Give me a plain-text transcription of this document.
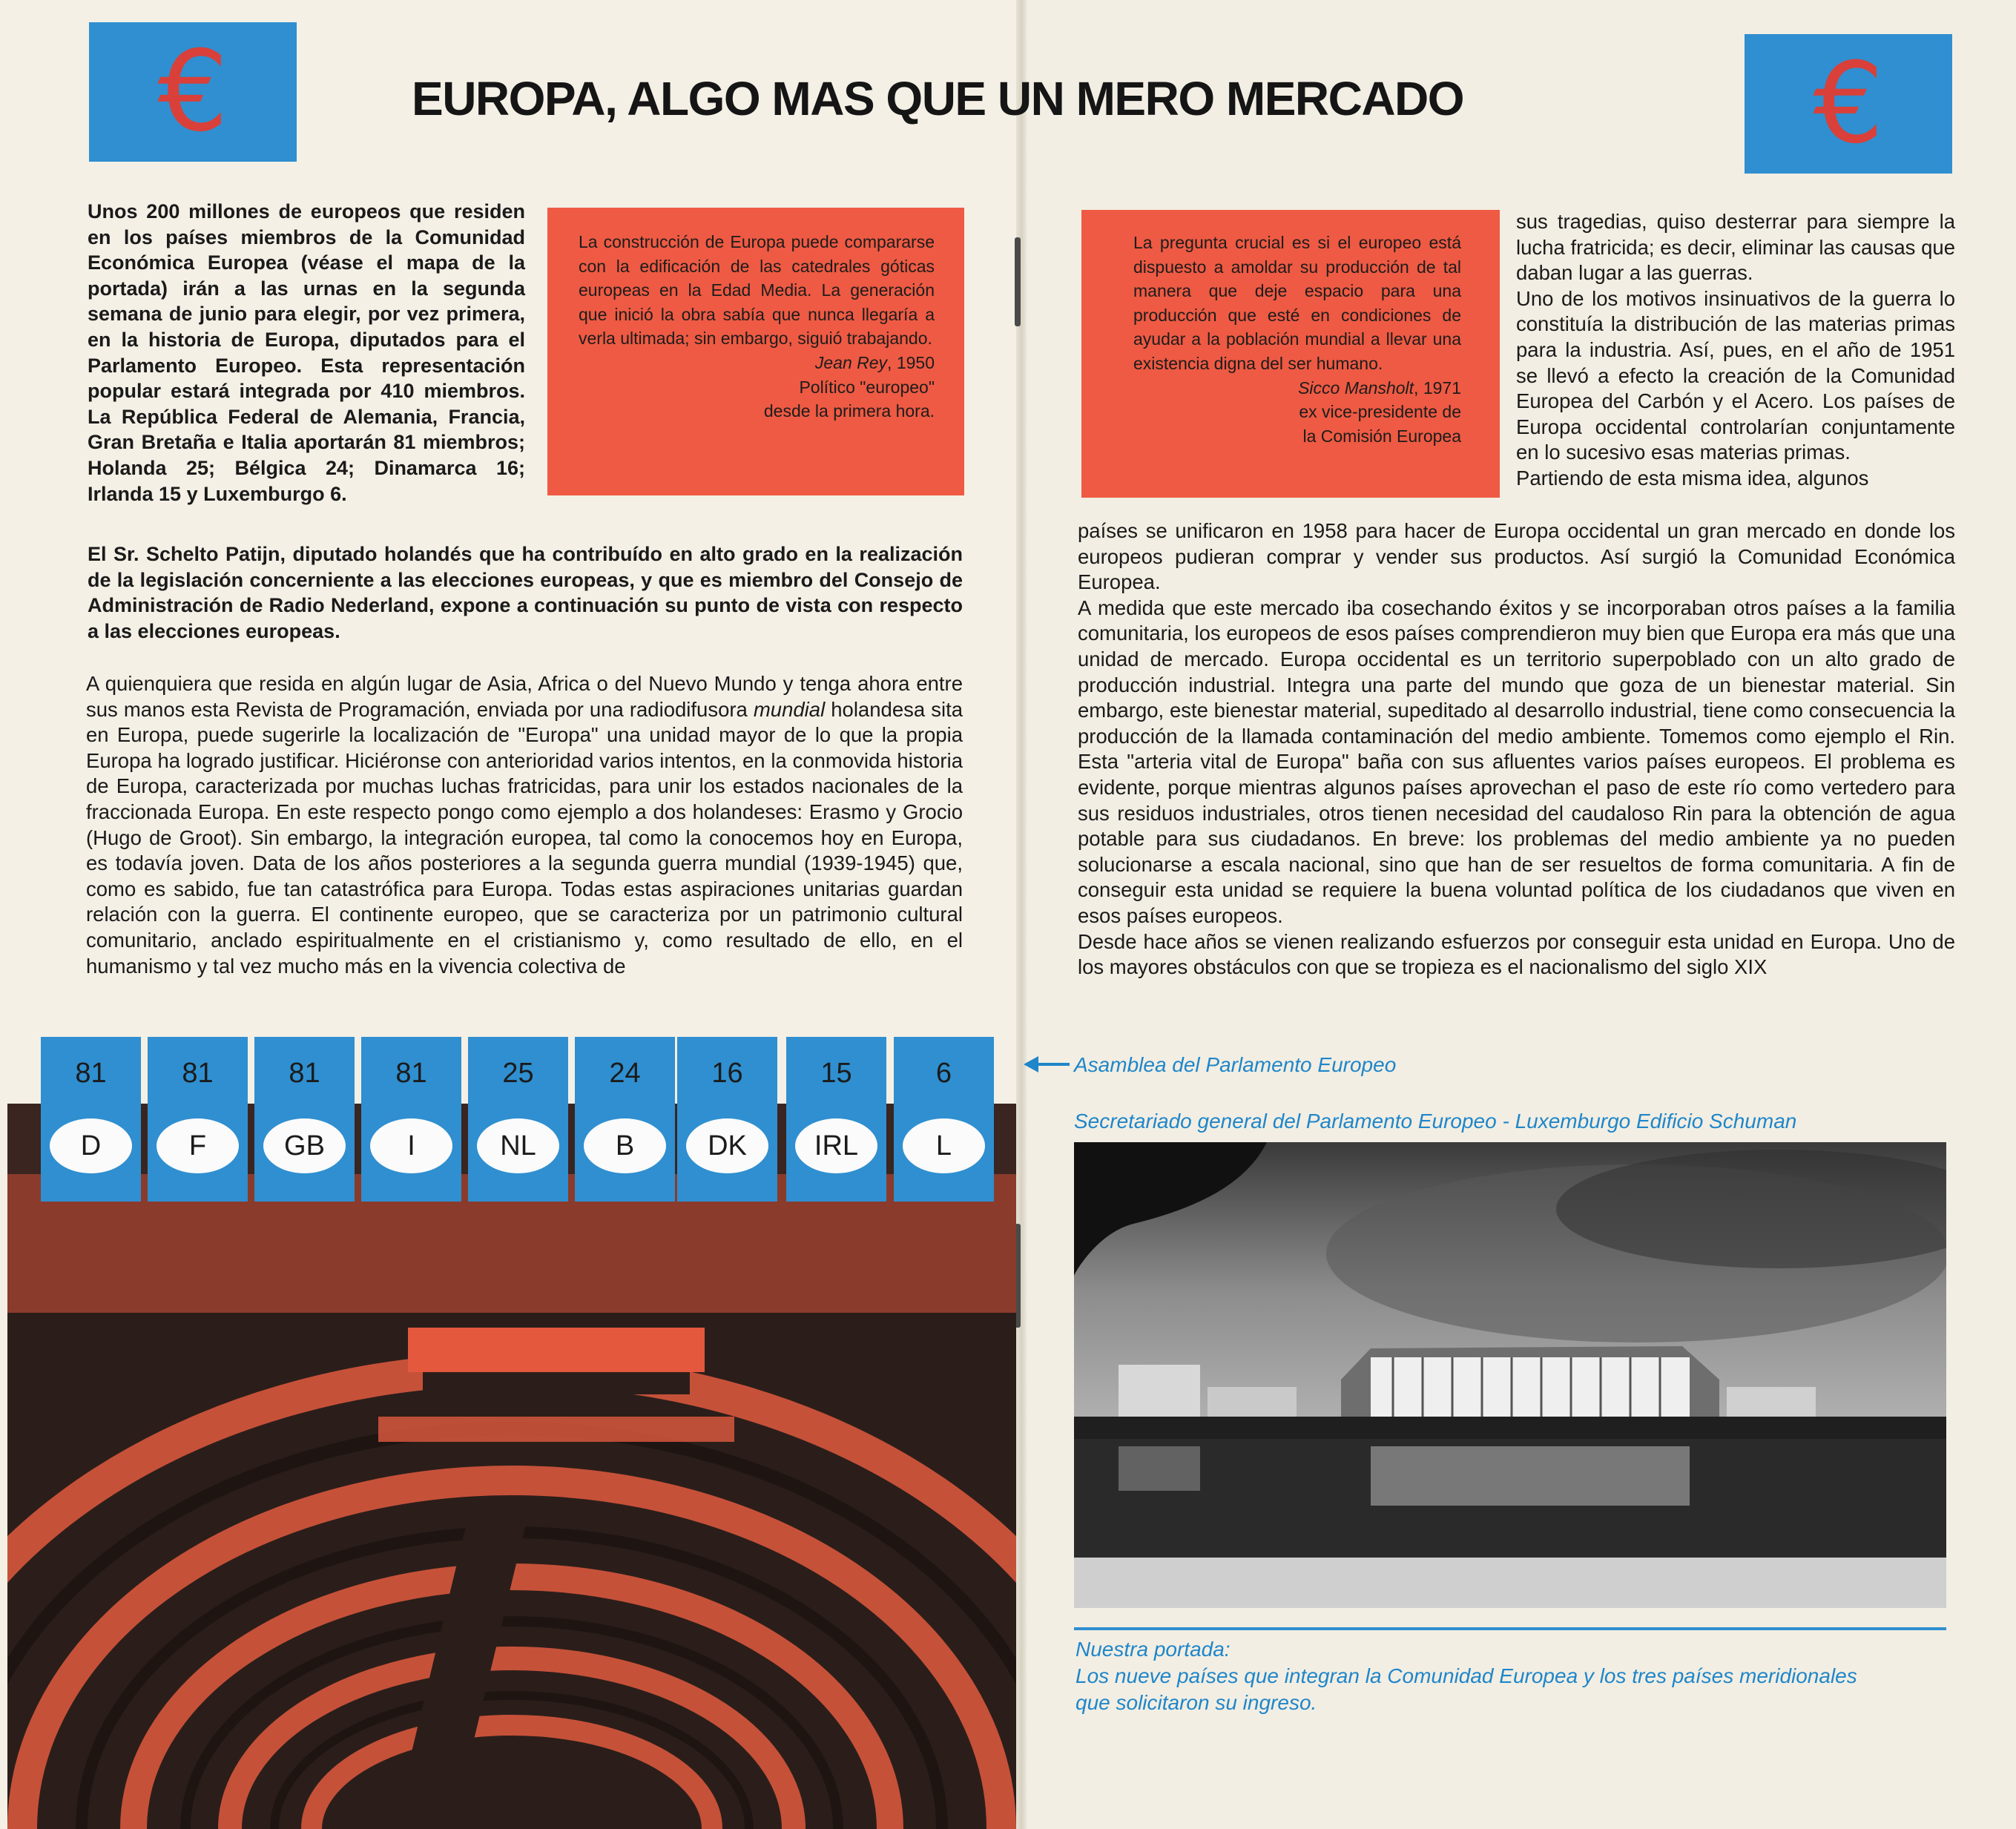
€	€
EUROPA, ALGO MAS QUE UN MERO MERCADO
Unos 200 millones de europeos que residen en los países miembros de la Comunidad Económica Europea (véase el mapa de la portada) irán a las urnas en la segunda semana de junio para elegir, por vez primera, en la historia de Europa, diputados para el Parlamento Europeo. Esta representación popular estará integrada por 410 miembros. La República Federal de Alemania, Francia, Gran Bretaña e Italia aportarán 81 miembros; Holanda 25; Bélgica 24; Dinamarca 16; Irlanda 15 y Luxemburgo 6.
El Sr. Schelto Patijn, diputado holandés que ha contribuído en alto grado en la realización de la legislación concerniente a las elecciones europeas, y que es miembro del Consejo de Administración de Radio Nederland, expone a continuación su punto de vista con respecto a las elecciones europeas.

La construcción de Europa puede compararse con la edificación de las catedrales góticas europeas en la Edad Media. La generación que inició la obra sabía que nunca llegaría a verla ultimada; sin embargo, siguió trabajando.

Jean Rey, 1950

Político "europeo"

desde la primera hora.

La pregunta crucial es si el europeo está dispuesto a amoldar su producción de tal manera que deje espacio para una producción que esté en condiciones de ayudar a la población mundial a llevar una existencia digna del ser humano.

Sicco Mansholt, 1971

ex vice-presidente de

la Comisión Europea

A quienquiera que resida en algún lugar de Asia, Africa o del Nuevo Mundo y tenga ahora entre sus manos esta Revista de Programación, enviada por una radiodifusora mundial holandesa sita en Europa, puede sugerirle la localización de "Europa" una unidad mayor de lo que la propia Europa ha logrado justificar. Hiciéronse con anterioridad varios intentos, en la conmovida historia de Europa, caracterizada por muchas luchas fratricidas, para unir los estados nacionales de la fraccionada Europa. En este respecto pongo como ejemplo a dos holandeses: Erasmo y Grocio (Hugo de Groot). Sin embargo, la integración europea, tal como la conocemos hoy en Europa, es todavía joven. Data de los años posteriores a la segunda guerra mundial (1939-1945) que, como es sabido, fue tan catastrófica para Europa. Todas estas aspiraciones unitarias guardan relación con la guerra. El continente europeo, que se caracteriza por un patrimonio cultural comunitario, anclado espiritualmente en el cristianismo y, como resultado de ello, en el humanismo y tal vez mucho más en la vivencia colectiva de

sus tragedias, quiso desterrar para siempre la lucha fratricida; es decir, eliminar las causas que daban lugar a las guerras.

Uno de los motivos insinuativos de la guerra lo constituía la distribución de las materias primas para la industria. Así, pues, en el año de 1951 se llevó a efecto la creación de la Comunidad Europea del Carbón y el Acero. Los países de Europa occidental controlarían conjuntamente en lo sucesivo esas materias primas.

Partiendo de esta misma idea, algunos

países se unificaron en 1958 para hacer de Europa occidental un gran mercado en donde los europeos pudieran comprar y vender sus productos. Así surgió la Comunidad Económica Europea.

A medida que este mercado iba cosechando éxitos y se incorporaban otros países a la familia comunitaria, los europeos de esos países comprendieron muy bien que Europa era más que una unidad de mercado. Europa occidental es un territorio superpoblado con un alto grado de producción industrial. Integra una parte del mundo que goza de un bienestar material. Sin embargo, este bienestar material, supeditado al desarrollo industrial, tiene como consecuencia la producción de la llamada contaminación del medio ambiente. Tomemos como ejemplo el Rin. Esta "arteria vital de Europa" baña con sus afluentes varios países europeos. El problema es evidente, porque mientras algunos países aprovechan el paso de este río como vertedero para sus residuos industriales, otros tienen necesidad del caudaloso Rin para la obtención de agua potable para sus ciudadanos. En breve: los problemas del medio ambiente ya no pueden solucionarse a escala nacional, sino que han de ser resueltos de forma comunitaria. A fin de conseguir esta unidad se requiere la buena voluntad política de los ciudadanos que viven en esos países europeos.

Desde hace años se vienen realizando esfuerzos por conseguir esta unidad en Europa. Uno de los mayores obstáculos con que se tropieza es el nacionalismo del siglo XIX

81
D
81
F
81
GB
81
I
25
NL
24
B
16
DK
15
IRL
6
L
Asamblea del Parlamento Europeo
Secretariado general del Parlamento Europeo - Luxemburgo Edificio Schuman

Nuestra portada:

Los nueve países que integran la Comunidad Europea y los tres países meridionales

que solicitaron su ingreso.
